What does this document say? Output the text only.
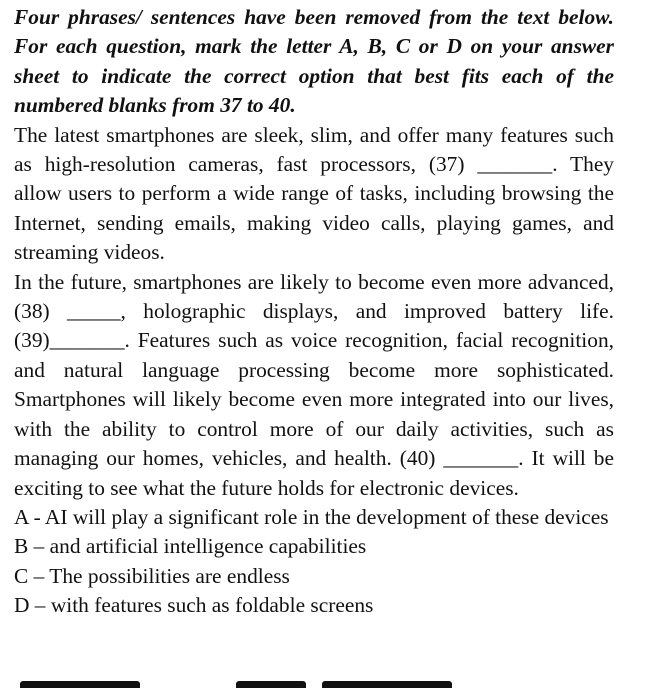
Four phrases/ sentences have been removed from the text below. For each question, mark the letter A, B, C or D on your answer sheet to indicate the correct option that best fits each of the numbered blanks from 37 to 40.

The latest smartphones are sleek, slim, and offer many features such as high-resolution cameras, fast processors, (37) _______. They allow users to perform a wide range of tasks, including browsing the Internet, sending emails, making video calls, playing games, and streaming videos.

In the future, smartphones are likely to become even more advanced, (38) _____, holographic displays, and improved battery life. (39)_______. Features such as voice recognition, facial recognition, and natural language processing become more sophisticated. Smartphones will likely become even more integrated into our lives, with the ability to control more of our daily activities, such as managing our homes, vehicles, and health. (40) _______. It will be exciting to see what the future holds for electronic devices.

A - AI will play a significant role in the development of these devices

B – and artificial intelligence capabilities

C – The possibilities are endless

D – with features such as foldable screens
